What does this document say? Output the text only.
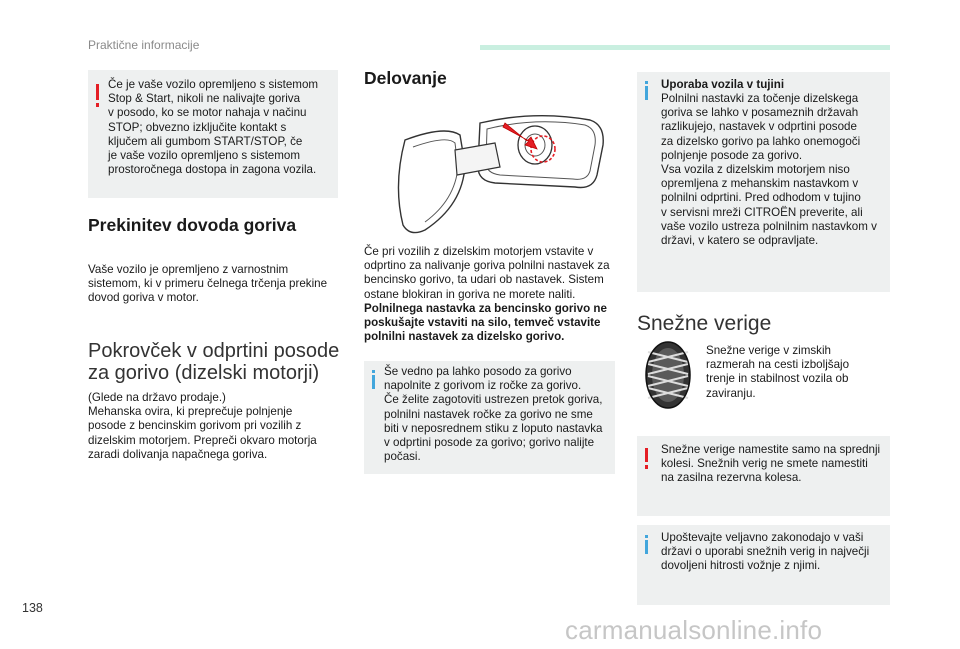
Praktične informacije
Če je vaše vozilo opremljeno s sistemom
Stop & Start, nikoli ne nalivajte goriva
v posodo, ko se motor nahaja v načinu
STOP; obvezno izključite kontakt s
ključem ali gumbom START/STOP, če
je vaše vozilo opremljeno s sistemom
prostoročnega dostopa in zagona vozila.
Prekinitev dovoda goriva
Vaše vozilo je opremljeno z varnostnim
sistemom, ki v primeru čelnega trčenja prekine
dovod goriva v motor.
Pokrovček v odprtini posode
za gorivo (dizelski motorji)
(Glede na državo prodaje.)
Mehanska ovira, ki preprečuje polnjenje
posode z bencinskim gorivom pri vozilih z
dizelskim motorjem. Prepreči okvaro motorja
zaradi dolivanja napačnega goriva.
Delovanje
Če pri vozilih z dizelskim motorjem vstavite v
odprtino za nalivanje goriva polnilni nastavek za
bencinsko gorivo, ta udari ob nastavek. Sistem
ostane blokiran in goriva ne morete naliti.
Polnilnega nastavka za bencinsko gorivo ne
poskušajte vstaviti na silo, temveč vstavite
polnilni nastavek za dizelsko gorivo.
Še vedno pa lahko posodo za gorivo
napolnite z gorivom iz ročke za gorivo.
Če želite zagotoviti ustrezen pretok goriva,
polnilni nastavek ročke za gorivo ne sme
biti v neposrednem stiku z loputo nastavka
v odprtini posode za gorivo; gorivo nalijte
počasi.
Uporaba vozila v tujini
Polnilni nastavki za točenje dizelskega
goriva se lahko v posameznih državah
razlikujejo, nastavek v odprtini posode
za dizelsko gorivo pa lahko onemogoči
polnjenje posode za gorivo.
Vsa vozila z dizelskim motorjem niso
opremljena z mehanskim nastavkom v
polnilni odprtini. Pred odhodom v tujino
v servisni mreži CITROËN preverite, ali
vaše vozilo ustreza polnilnim nastavkom v
državi, v katero se odpravljate.
Snežne verige
Snežne verige v zimskih
razmerah na cesti izboljšajo
trenje in stabilnost vozila ob
zaviranju.
Snežne verige namestite samo na sprednji
kolesi. Snežnih verig ne smete namestiti
na zasilna rezervna kolesa.
Upoštevajte veljavno zakonodajo v vaši
državi o uporabi snežnih verig in največji
dovoljeni hitrosti vožnje z njimi.
138
carmanualsonline.info
